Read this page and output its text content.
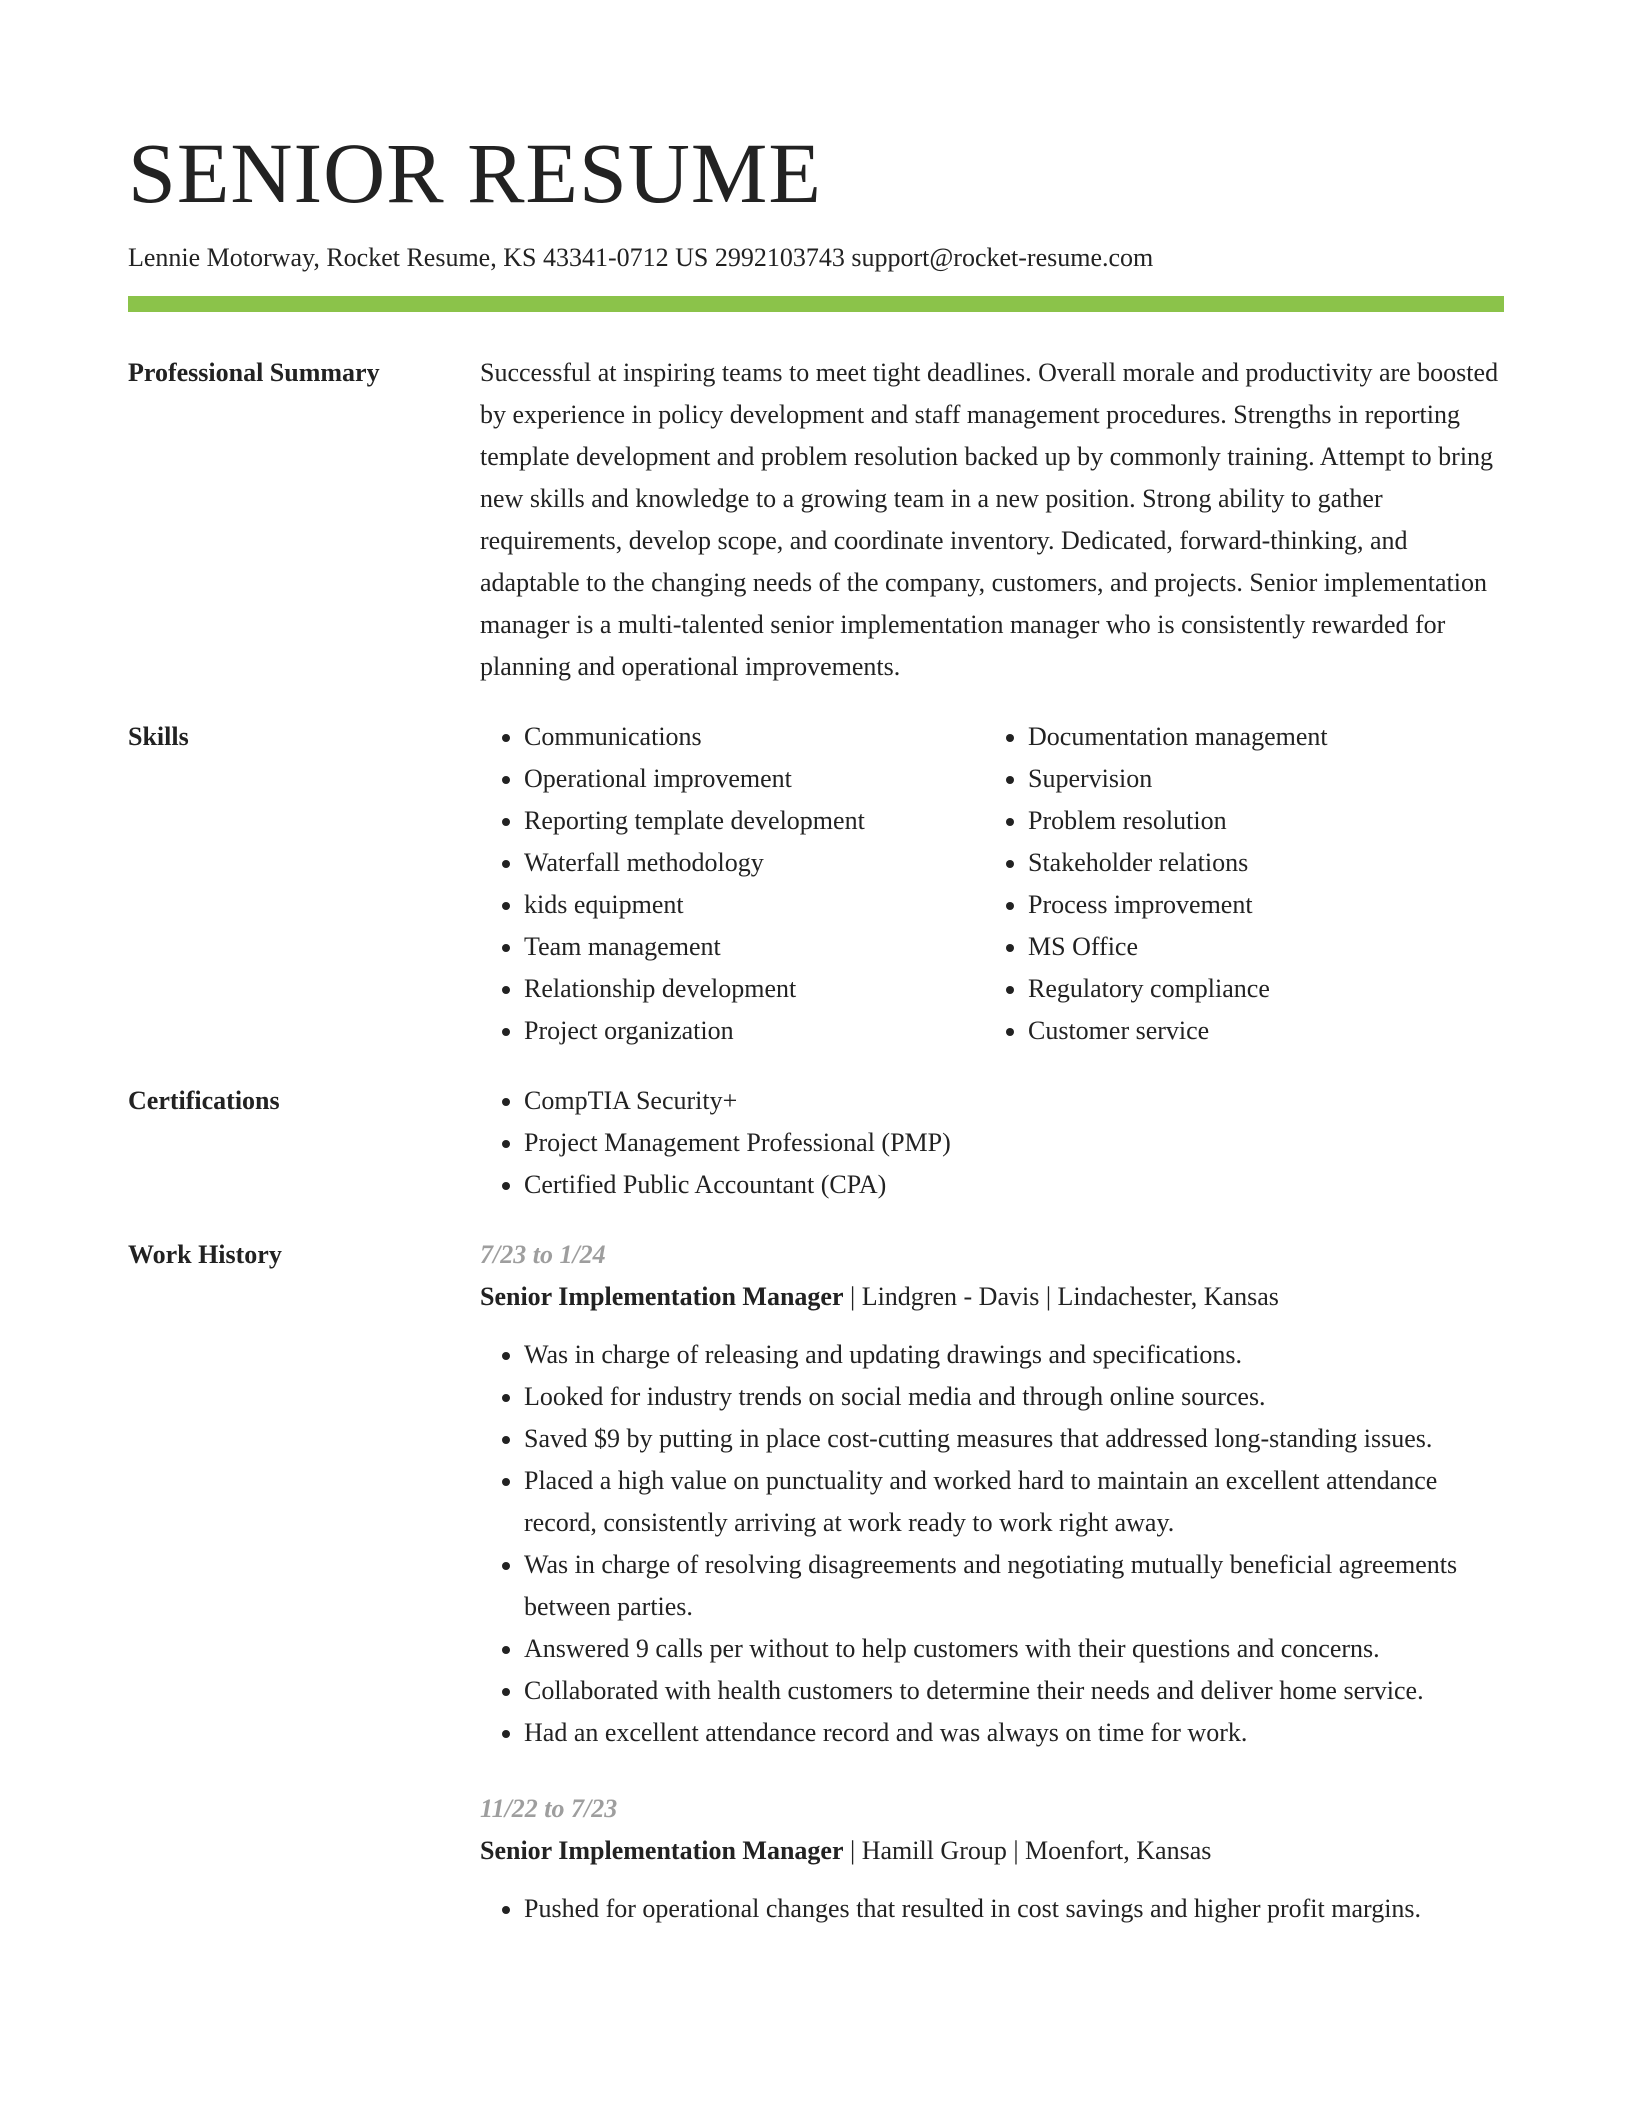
SENIOR RESUME
Lennie Motorway, Rocket Resume, KS 43341-0712 US 2992103743 support@rocket-resume.com
Professional Summary	Successful at inspiring teams to meet tight deadlines. Overall morale and productivity are boosted by experience in policy development and staff management procedures. Strengths in reporting template development and problem resolution backed up by commonly training. Attempt to bring new skills and knowledge to a growing team in a new position. Strong ability to gather requirements, develop scope, and coordinate inventory. Dedicated, forward-thinking, and adaptable to the changing needs of the company, customers, and projects. Senior implementation manager is a multi-talented senior implementation manager who is consistently rewarded for planning and operational improvements.

Skills	• Communications
• Operational improvement
• Reporting template development
• Waterfall methodology
• kids equipment
• Team management
• Relationship development
• Project organization
• Documentation management
• Supervision
• Problem resolution
• Stakeholder relations
• Process improvement
• MS Office
• Regulatory compliance
• Customer service
Certifications	• CompTIA Security+
• Project Management Professional (PMP)
• Certified Public Accountant (CPA)
Work History	7/23 to 1/24
Senior Implementation Manager | Lindgren - Davis | Lindachester, Kansas
• Was in charge of releasing and updating drawings and specifications.
• Looked for industry trends on social media and through online sources.
• Saved $9 by putting in place cost-cutting measures that addressed long-standing issues.
• Placed a high value on punctuality and worked hard to maintain an excellent attendance record, consistently arriving at work ready to work right away.
• Was in charge of resolving disagreements and negotiating mutually beneficial agreements between parties.
• Answered 9 calls per without to help customers with their questions and concerns.
• Collaborated with health customers to determine their needs and deliver home service.
• Had an excellent attendance record and was always on time for work.
11/22 to 7/23
Senior Implementation Manager | Hamill Group | Moenfort, Kansas
• Pushed for operational changes that resulted in cost savings and higher profit margins.
